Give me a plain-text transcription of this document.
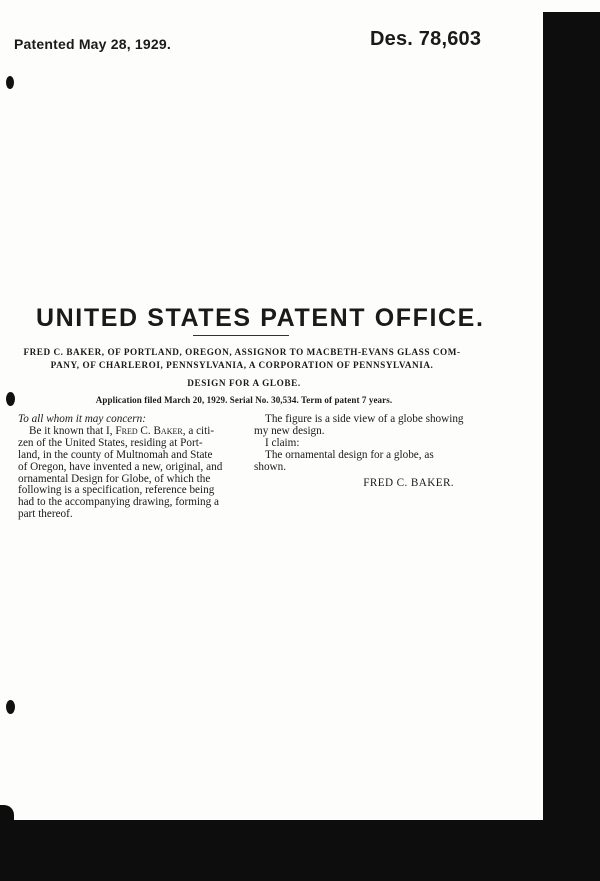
Patented May 28, 1929.	Des. 78,603
UNITED STATES PATENT OFFICE.
FRED C. BAKER, OF PORTLAND, OREGON, ASSIGNOR TO MACBETH-EVANS GLASS COM-
PANY, OF CHARLEROI, PENNSYLVANIA, A CORPORATION OF PENNSYLVANIA.
DESIGN FOR A GLOBE.
Application filed March 20, 1929. Serial No. 30,534. Term of patent 7 years.
To all whom it may concern:
Be it known that I, Fred C. Baker, a citi-
zen of the United States, residing at Port-
land, in the county of Multnomah and State
of Oregon, have invented a new, original, and
ornamental Design for Globe, of which the
following is a specification, reference being
had to the accompanying drawing, forming a
part thereof.
The figure is a side view of a globe showing
my new design.
I claim:
The ornamental design for a globe, as
shown.
FRED C. BAKER.
